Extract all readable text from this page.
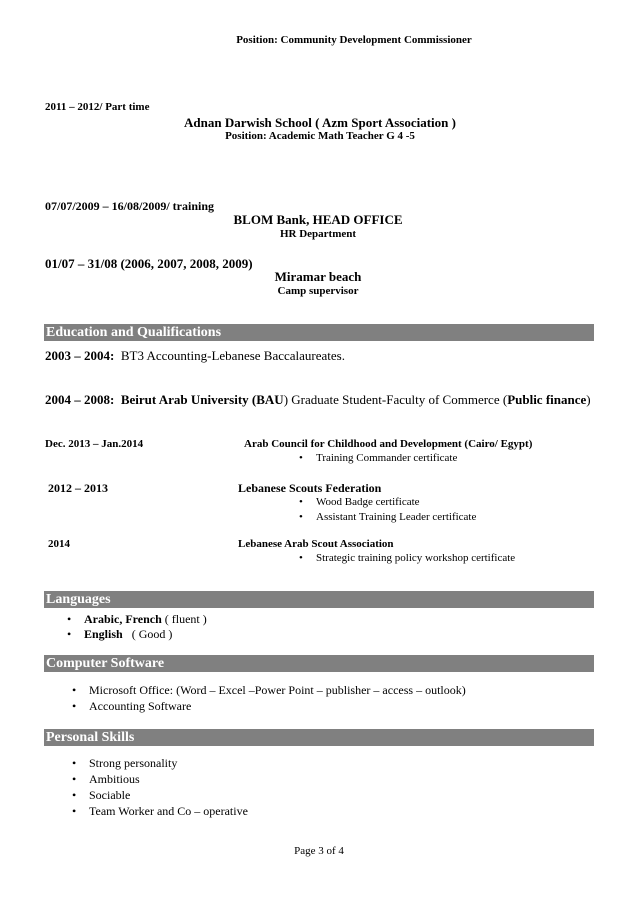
Position: Community Development Commissioner
2011 – 2012/ Part time
Adnan Darwish School ( Azm Sport Association )
Position: Academic Math Teacher G 4 -5
07/07/2009 – 16/08/2009/ training
BLOM Bank, HEAD OFFICE
HR Department
01/07 – 31/08 (2006, 2007, 2008, 2009)
Miramar beach
Camp supervisor
Education and Qualifications
2003 – 2004: BT3 Accounting-Lebanese Baccalaureates.
2004 – 2008: Beirut Arab University (BAU) Graduate Student-Faculty of Commerce (Public finance)
Dec. 2013 – Jan.2014	Arab Council for Childhood and Development (Cairo/ Egypt)
• Training Commander certificate
2012 – 2013	Lebanese Scouts Federation
• Wood Badge certificate
• Assistant Training Leader certificate
2014	Lebanese Arab Scout Association
• Strategic training policy workshop certificate
Languages
• Arabic, French ( fluent )
• English   ( Good )
Computer Software
• Microsoft Office: (Word – Excel –Power Point – publisher – access – outlook)
• Accounting Software
Personal Skills
• Strong personality
• Ambitious
• Sociable
• Team Worker and Co – operative
Page 3 of 4
